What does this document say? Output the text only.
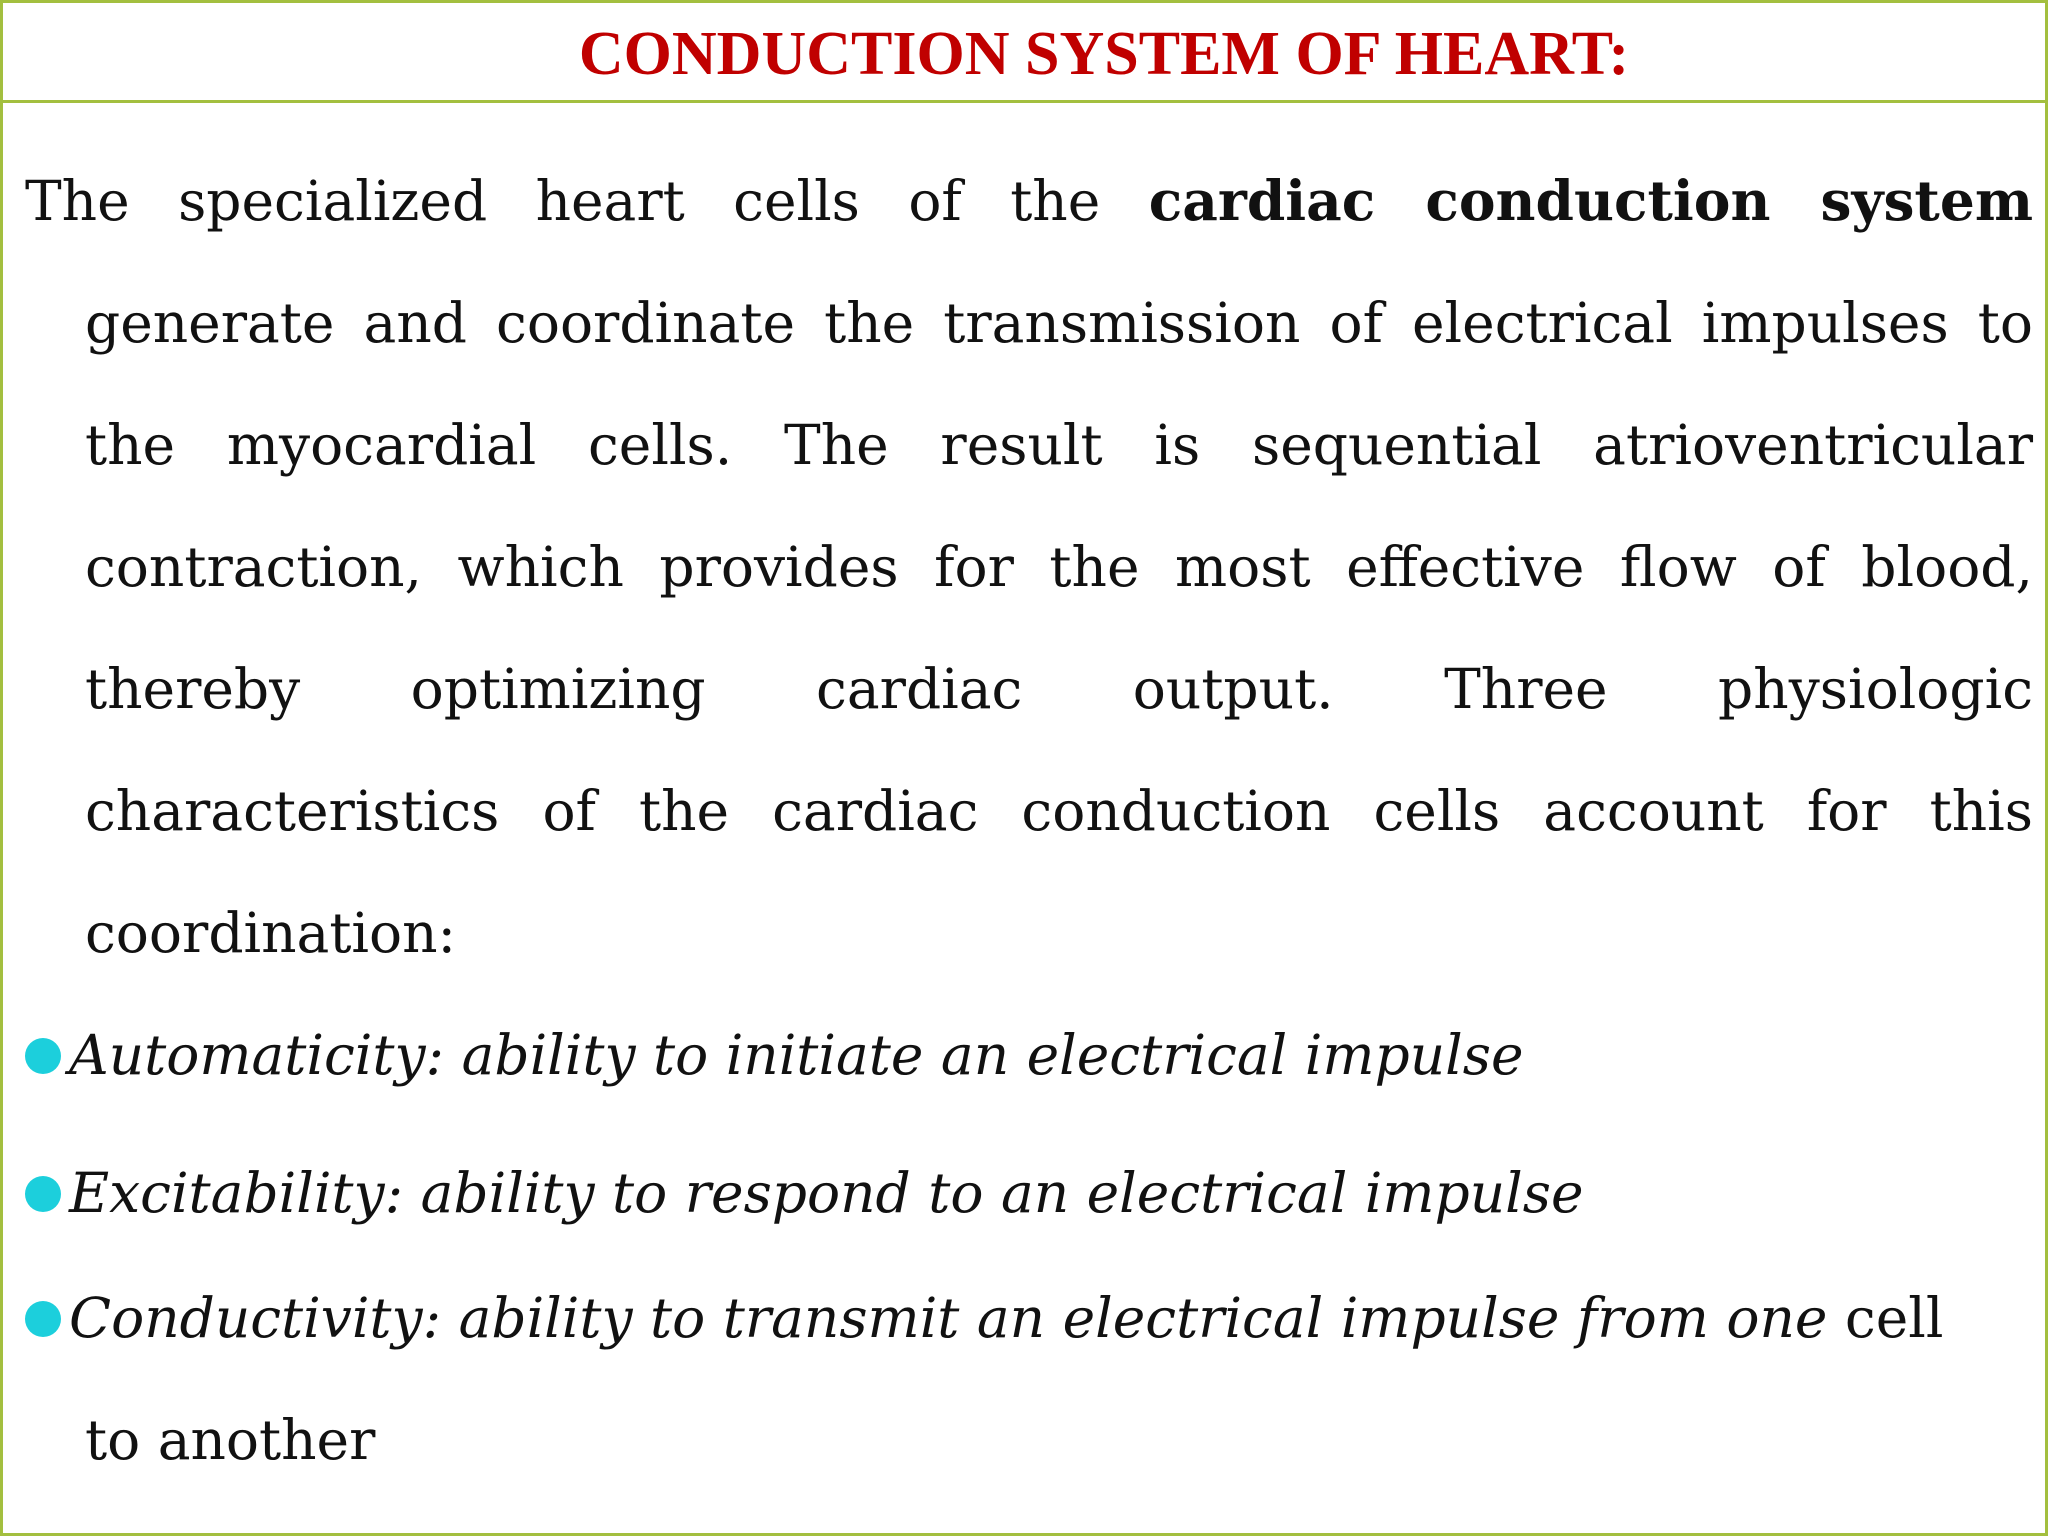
CONDUCTION SYSTEM OF HEART:
The specialized heart cells of the cardiac conduction system
generate and coordinate the transmission of electrical impulses to
the myocardial cells. The result is sequential atrioventricular
contraction, which provides for the most effective flow of blood,
thereby optimizing cardiac output. Three physiologic
characteristics of the cardiac conduction cells account for this
coordination:
Automaticity: ability to initiate an electrical impulse
Excitability: ability to respond to an electrical impulse
Conductivity: ability to transmit an electrical impulse from one cell
to another
